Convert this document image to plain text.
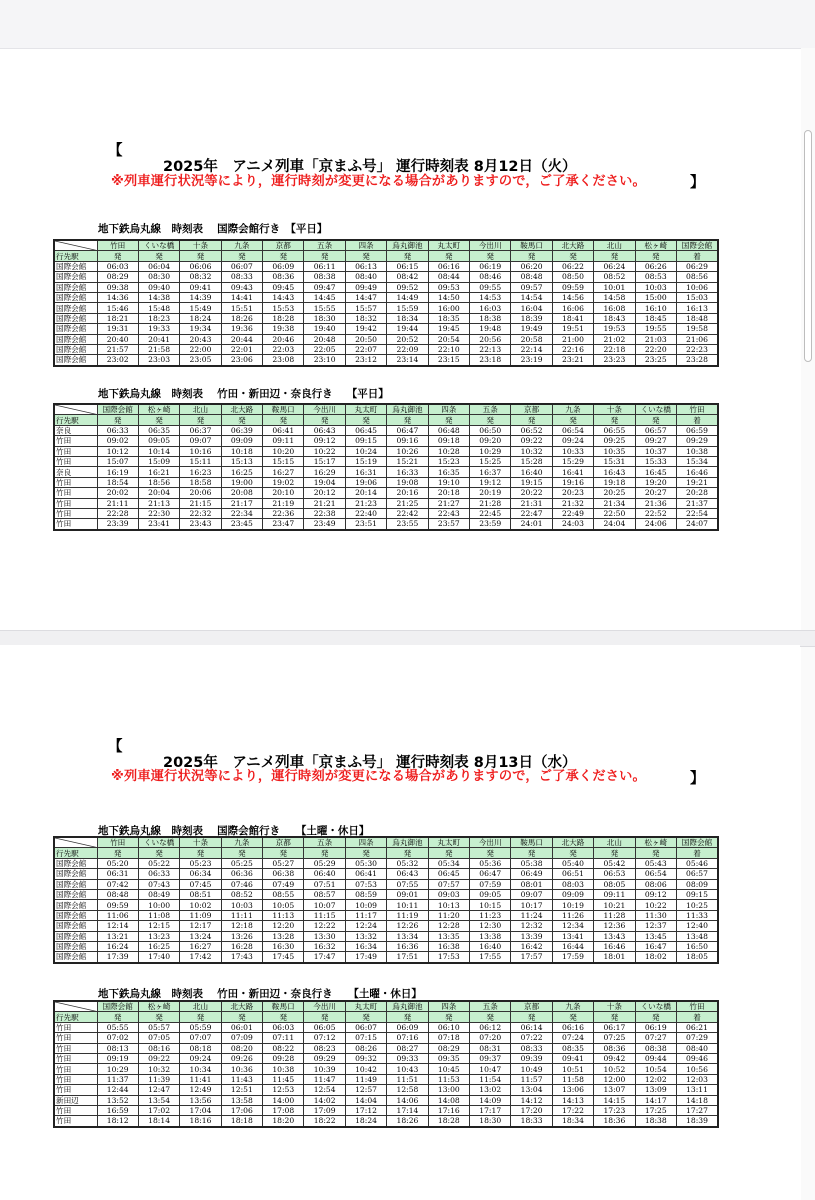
【

2025年　アニメ列車「京まふ号」 運行時刻表 8月12日（火）

】

※列車運行状況等により，運行時刻が変更になる場合がありますので，ご了承ください。
地下鉄烏丸線　時刻表　 国際会館行き　【平日】
	竹田	くいな橋	十条	九条	京都	五条	四条	烏丸御池	丸太町	今出川	鞍馬口	北大路	北山	松ヶ崎	国際会館
行先駅	発	発	発	発	発	発	発	発	発	発	発	発	発	発	着
国際会館	06:03	06:04	06:06	06:07	06:09	06:11	06:13	06:15	06:16	06:19	06:20	06:22	06:24	06:26	06:29
国際会館	08:29	08:30	08:32	08:33	08:36	08:38	08:40	08:42	08:44	08:46	08:48	08:50	08:52	08:53	08:56
国際会館	09:38	09:40	09:41	09:43	09:45	09:47	09:49	09:52	09:53	09:55	09:57	09:59	10:01	10:03	10:06
国際会館	14:36	14:38	14:39	14:41	14:43	14:45	14:47	14:49	14:50	14:53	14:54	14:56	14:58	15:00	15:03
国際会館	15:46	15:48	15:49	15:51	15:53	15:55	15:57	15:59	16:00	16:03	16:04	16:06	16:08	16:10	16:13
国際会館	18:21	18:23	18:24	18:26	18:28	18:30	18:32	18:34	18:35	18:38	18:39	18:41	18:43	18:45	18:48
国際会館	19:31	19:33	19:34	19:36	19:38	19:40	19:42	19:44	19:45	19:48	19:49	19:51	19:53	19:55	19:58
国際会館	20:40	20:41	20:43	20:44	20:46	20:48	20:50	20:52	20:54	20:56	20:58	21:00	21:02	21:03	21:06
国際会館	21:57	21:58	22:00	22:01	22:03	22:05	22:07	22:09	22:10	22:13	22:14	22:16	22:18	22:20	22:23
国際会館	23:02	23:03	23:05	23:06	23:08	23:10	23:12	23:14	23:15	23:18	23:19	23:21	23:23	23:25	23:28
地下鉄烏丸線　時刻表　 竹田・新田辺・奈良行き　 【平日】
	国際会館	松ヶ崎	北山	北大路	鞍馬口	今出川	丸太町	烏丸御池	四条	五条	京都	九条	十条	くいな橋	竹田
行先駅	発	発	発	発	発	発	発	発	発	発	発	発	発	発	着
奈良	06:33	06:35	06:37	06:39	06:41	06:43	06:45	06:47	06:48	06:50	06:52	06:54	06:55	06:57	06:59
竹田	09:02	09:05	09:07	09:09	09:11	09:12	09:15	09:16	09:18	09:20	09:22	09:24	09:25	09:27	09:29
竹田	10:12	10:14	10:16	10:18	10:20	10:22	10:24	10:26	10:28	10:29	10:32	10:33	10:35	10:37	10:38
竹田	15:07	15:09	15:11	15:13	15:15	15:17	15:19	15:21	15:23	15:25	15:28	15:29	15:31	15:33	15:34
奈良	16:19	16:21	16:23	16:25	16:27	16:29	16:31	16:33	16:35	16:37	16:40	16:41	16:43	16:45	16:46
竹田	18:54	18:56	18:58	19:00	19:02	19:04	19:06	19:08	19:10	19:12	19:15	19:16	19:18	19:20	19:21
竹田	20:02	20:04	20:06	20:08	20:10	20:12	20:14	20:16	20:18	20:19	20:22	20:23	20:25	20:27	20:28
竹田	21:11	21:13	21:15	21:17	21:19	21:21	21:23	21:25	21:27	21:28	21:31	21:32	21:34	21:36	21:37
竹田	22:28	22:30	22:32	22:34	22:36	22:38	22:40	22:42	22:43	22:45	22:47	22:49	22:50	22:52	22:54
竹田	23:39	23:41	23:43	23:45	23:47	23:49	23:51	23:55	23:57	23:59	24:01	24:03	24:04	24:06	24:07

【

2025年　アニメ列車「京まふ号」 運行時刻表 8月13日（水）

】

※列車運行状況等により，運行時刻が変更になる場合がありますので，ご了承ください。
地下鉄烏丸線　時刻表　 国際会館行き　　【土曜・休日】
	竹田	くいな橋	十条	九条	京都	五条	四条	烏丸御池	丸太町	今出川	鞍馬口	北大路	北山	松ヶ崎	国際会館
行先駅	発	発	発	発	発	発	発	発	発	発	発	発	発	発	着
国際会館	05:20	05:22	05:23	05:25	05:27	05:29	05:30	05:32	05:34	05:36	05:38	05:40	05:42	05:43	05:46
国際会館	06:31	06:33	06:34	06:36	06:38	06:40	06:41	06:43	06:45	06:47	06:49	06:51	06:53	06:54	06:57
国際会館	07:42	07:43	07:45	07:46	07:49	07:51	07:53	07:55	07:57	07:59	08:01	08:03	08:05	08:06	08:09
国際会館	08:48	08:49	08:51	08:52	08:55	08:57	08:59	09:01	09:03	09:05	09:07	09:09	09:11	09:12	09:15
国際会館	09:59	10:00	10:02	10:03	10:05	10:07	10:09	10:11	10:13	10:15	10:17	10:19	10:21	10:22	10:25
国際会館	11:06	11:08	11:09	11:11	11:13	11:15	11:17	11:19	11:20	11:23	11:24	11:26	11:28	11:30	11:33
国際会館	12:14	12:15	12:17	12:18	12:20	12:22	12:24	12:26	12:28	12:30	12:32	12:34	12:36	12:37	12:40
国際会館	13:21	13:23	13:24	13:26	13:28	13:30	13:32	13:34	13:35	13:38	13:39	13:41	13:43	13:45	13:48
国際会館	16:24	16:25	16:27	16:28	16:30	16:32	16:34	16:36	16:38	16:40	16:42	16:44	16:46	16:47	16:50
国際会館	17:39	17:40	17:42	17:43	17:45	17:47	17:49	17:51	17:53	17:55	17:57	17:59	18:01	18:02	18:05
地下鉄烏丸線　時刻表　 竹田・新田辺・奈良行き　　【土曜・休日】
	国際会館	松ヶ崎	北山	北大路	鞍馬口	今出川	丸太町	烏丸御池	四条	五条	京都	九条	十条	くいな橋	竹田
行先駅	発	発	発	発	発	発	発	発	発	発	発	発	発	発	着
竹田	05:55	05:57	05:59	06:01	06:03	06:05	06:07	06:09	06:10	06:12	06:14	06:16	06:17	06:19	06:21
竹田	07:02	07:05	07:07	07:09	07:11	07:12	07:15	07:16	07:18	07:20	07:22	07:24	07:25	07:27	07:29
竹田	08:13	08:16	08:18	08:20	08:22	08:23	08:26	08:27	08:29	08:31	08:33	08:35	08:36	08:38	08:40
竹田	09:19	09:22	09:24	09:26	09:28	09:29	09:32	09:33	09:35	09:37	09:39	09:41	09:42	09:44	09:46
竹田	10:29	10:32	10:34	10:36	10:38	10:39	10:42	10:43	10:45	10:47	10:49	10:51	10:52	10:54	10:56
竹田	11:37	11:39	11:41	11:43	11:45	11:47	11:49	11:51	11:53	11:54	11:57	11:58	12:00	12:02	12:03
竹田	12:44	12:47	12:49	12:51	12:53	12:54	12:57	12:58	13:00	13:02	13:04	13:06	13:07	13:09	13:11
新田辺	13:52	13:54	13:56	13:58	14:00	14:02	14:04	14:06	14:08	14:09	14:12	14:13	14:15	14:17	14:18
竹田	16:59	17:02	17:04	17:06	17:08	17:09	17:12	17:14	17:16	17:17	17:20	17:22	17:23	17:25	17:27
竹田	18:12	18:14	18:16	18:18	18:20	18:22	18:24	18:26	18:28	18:30	18:33	18:34	18:36	18:38	18:39
